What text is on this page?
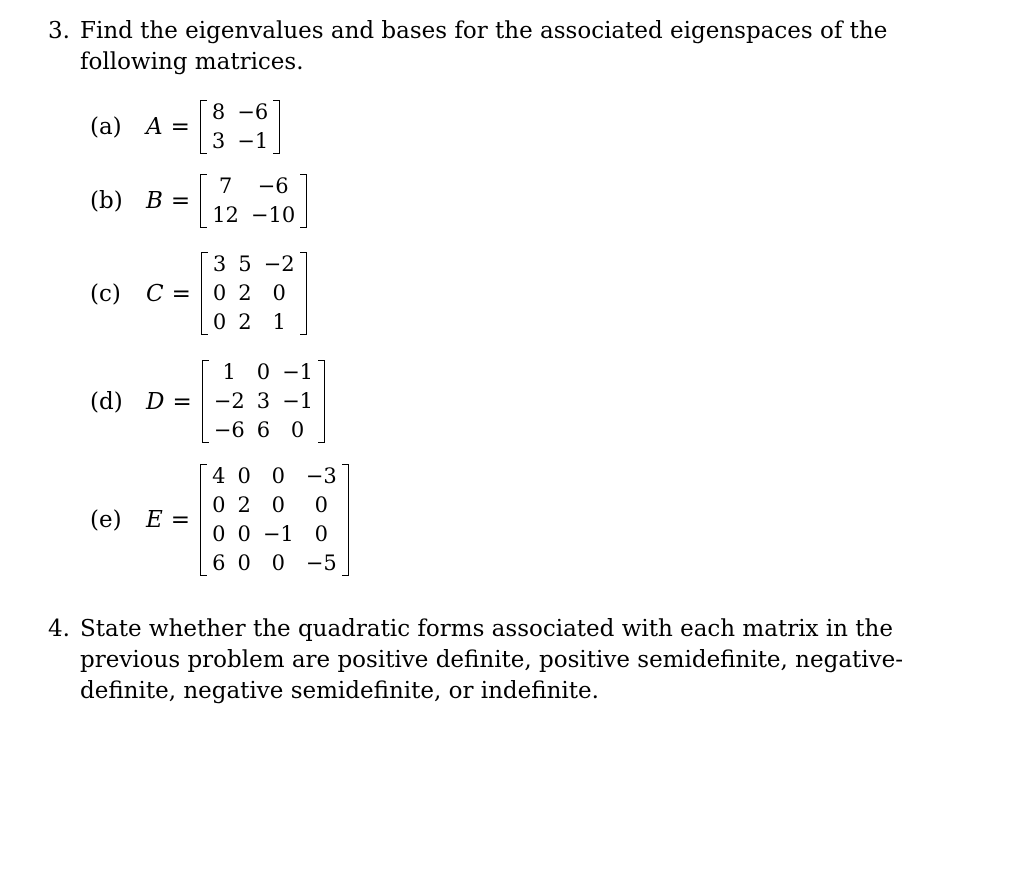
3. Find the eigenvalues and bases for the associated eigenspaces of the following matrices.
(a)	A =
8	−6
3	−1
(b)	B =
7	−6
12	−10
(c)	C =
3	5	−2
0	2	0
0	2	1
(d)	D =
1	0	−1
−2	3	−1
−6	6	0
(e)	E =
4	0	0	−3
0	2	0	0
0	0	−1	0
6	0	0	−5
4. State whether the quadratic forms associated with each matrix in the previous problem are positive definite, positive semidefinite, negative-definite, negative semidefinite, or indefinite.
